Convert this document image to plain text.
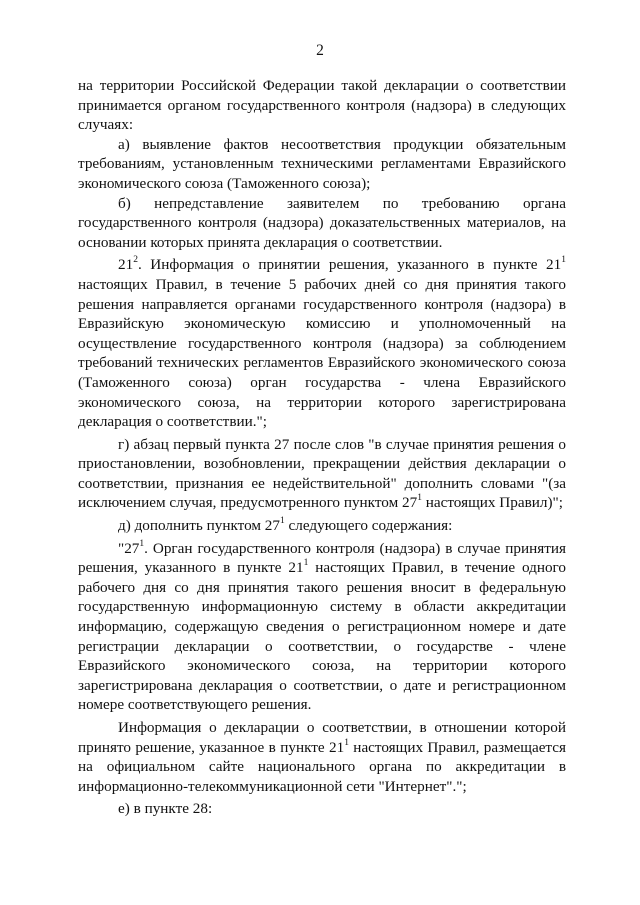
2

на территории Российской Федерации такой декларации о соответствии принимается органом государственного контроля (надзора) в следующих случаях:

а) выявление фактов несоответствия продукции обязательным требованиям, установленным техническими регламентами Евразийского экономического союза (Таможенного союза);

б) непредставление заявителем по требованию органа государственного контроля (надзора) доказательственных материалов, на основании которых принята декларация о соответствии.

$21^2$. Информация о принятии решения, указанного в пункте $21^1$ настоящих Правил, в течение 5 рабочих дней со дня принятия такого решения направляется органами государственного контроля (надзора) в Евразийскую экономическую комиссию и уполномоченный на осуществление государственного контроля (надзора) за соблюдением требований технических регламентов Евразийского экономического союза (Таможенного союза) орган государства - члена Евразийского экономического союза, на территории которого зарегистрирована декларация о соответствии.";

г) абзац первый пункта 27 после слов "в случае принятия решения о приостановлении, возобновлении, прекращении действия декларации о соответствии, признания ее недействительной" дополнить словами "(за исключением случая, предусмотренного пунктом $27^1$ настоящих Правил)";

д) дополнить пунктом $27^1$ следующего содержания:

"$27^1$. Орган государственного контроля (надзора) в случае принятия решения, указанного в пункте $21^1$ настоящих Правил, в течение одного рабочего дня со дня принятия такого решения вносит в федеральную государственную информационную систему в области аккредитации информацию, содержащую сведения о регистрационном номере и дате регистрации декларации о соответствии, о государстве - члене Евразийского экономического союза, на территории которого зарегистрирована декларация о соответствии, о дате и регистрационном номере соответствующего решения.

Информация о декларации о соответствии, в отношении которой принято решение, указанное в пункте $21^1$ настоящих Правил, размещается на официальном сайте национального органа по аккредитации в информационно-телекоммуникационной сети "Интернет".";

е) в пункте 28:
